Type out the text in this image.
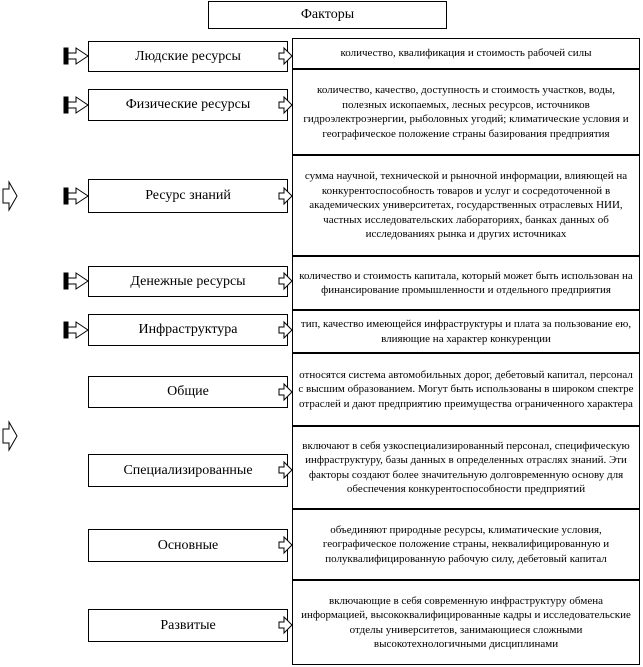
Факторы
Людские ресурсы
Физические ресурсы
Ресурс знаний
Денежные ресурсы
Инфраструктура
Общие
Специализированные
Основные
Развитые
количество, квалификация и стоимость рабочей силы
количество, качество, доступность и стоимость участков, воды, полезных ископаемых, лесных ресурсов, источников гидроэлектроэнергии, рыболовных угодий; климатические условия и географическое положение страны базирования предприятия
сумма научной, технической и рыночной информации, влияющей на конкурентоспособность товаров и услуг и сосредоточенной в академических университетах, государственных отраслевых НИИ, частных исследовательских лабораториях, банках данных об исследованиях рынка и других источниках
количество и стоимость капитала, который может быть использован на финансирование промышленности и отдельного предприятия
тип, качество имеющейся инфраструктуры и плата за пользование ею, влияющие на характер конкуренции
относятся система автомобильных дорог, дебетовый капитал, персонал с высшим образованием. Могут быть использованы в широком спектре отраслей и дают предприятию преимущества ограниченного характера
включают в себя узкоспециализированный персонал, специфическую инфраструктуру, базы данных в определенных отраслях знаний. Эти факторы создают более значительную долговременную основу для обеспечения конкурентоспособности предприятий
объединяют природные ресурсы, климатические условия, географическое положение страны, неквалифицированную и полуквалифицированную рабочую силу, дебетовый капитал
включающие в себя современную инфраструктуру обмена информацией, высококвалифицированные кадры и исследовательские отделы университетов, занимающиеся сложными высокотехнологичными дисциплинами
